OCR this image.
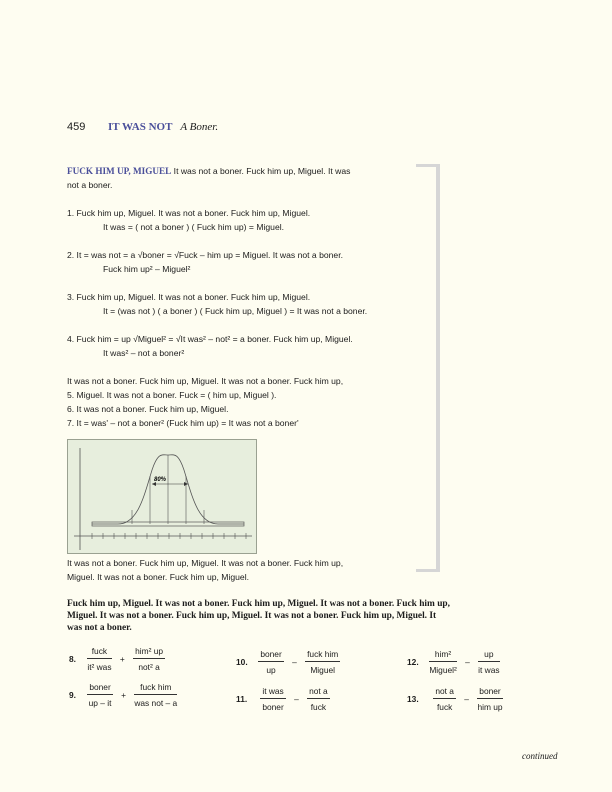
459 IT WAS NOT A Boner.
FUCK HIM UP, MIGUEL It was not a boner. Fuck him up, Miguel. It was
not a boner.
1. Fuck him up, Miguel. It was not a boner. Fuck him up, Miguel.
It was = ( not a boner ) ( Fuck him up) = Miguel.
2. It = was not = a √boner = √Fuck – him up = Miguel. It was not a boner.
Fuck him up² – Miguel²
3. Fuck him up, Miguel. It was not a boner. Fuck him up, Miguel.
It = (was not ) ( a boner ) ( Fuck him up, Miguel ) = It was not a boner.
4. Fuck him = up √Miguel² = √It was² – not² = a boner. Fuck him up, Miguel.
It was² – not a boner²
It was not a boner. Fuck him up, Miguel. It was not a boner. Fuck him up,
5. Miguel. It was not a boner. Fuck = ( him up, Miguel ).
6. It was not a boner. Fuck him up, Miguel.
7. It = was' – not a boner² (Fuck him up) = It was not a boner'
80%
It was not a boner. Fuck him up, Miguel. It was not a boner. Fuck him up,
Miguel. It was not a boner. Fuck him up, Miguel.
Fuck him up, Miguel. It was not a boner. Fuck him up, Miguel. It was not a boner. Fuck him up,
Miguel. It was not a boner. Fuck him up, Miguel. It was not a boner. Fuck him up, Miguel. It
was not a boner.
8. $\frac{\text{fuck}}{\text{it² was}} + \frac{\text{him² up}}{\text{not² a}}$
9. $\frac{\text{boner}}{up - it} + \frac{\text{fuck him}}{\text{was not – a}}$
10. $\frac{\text{boner}}{up} - \frac{\text{fuck him}}{\text{Miguel}}$
11. $\frac{\text{it was}}{\text{boner}} - \frac{\text{not a}}{\text{fuck}}$
12. $\frac{\text{him²}}{\text{Miguel²}} - \frac{up}{\text{it was}}$
13. $\frac{\text{not a}}{\text{fuck}} - \frac{\text{boner}}{\text{him up}}$
continued
